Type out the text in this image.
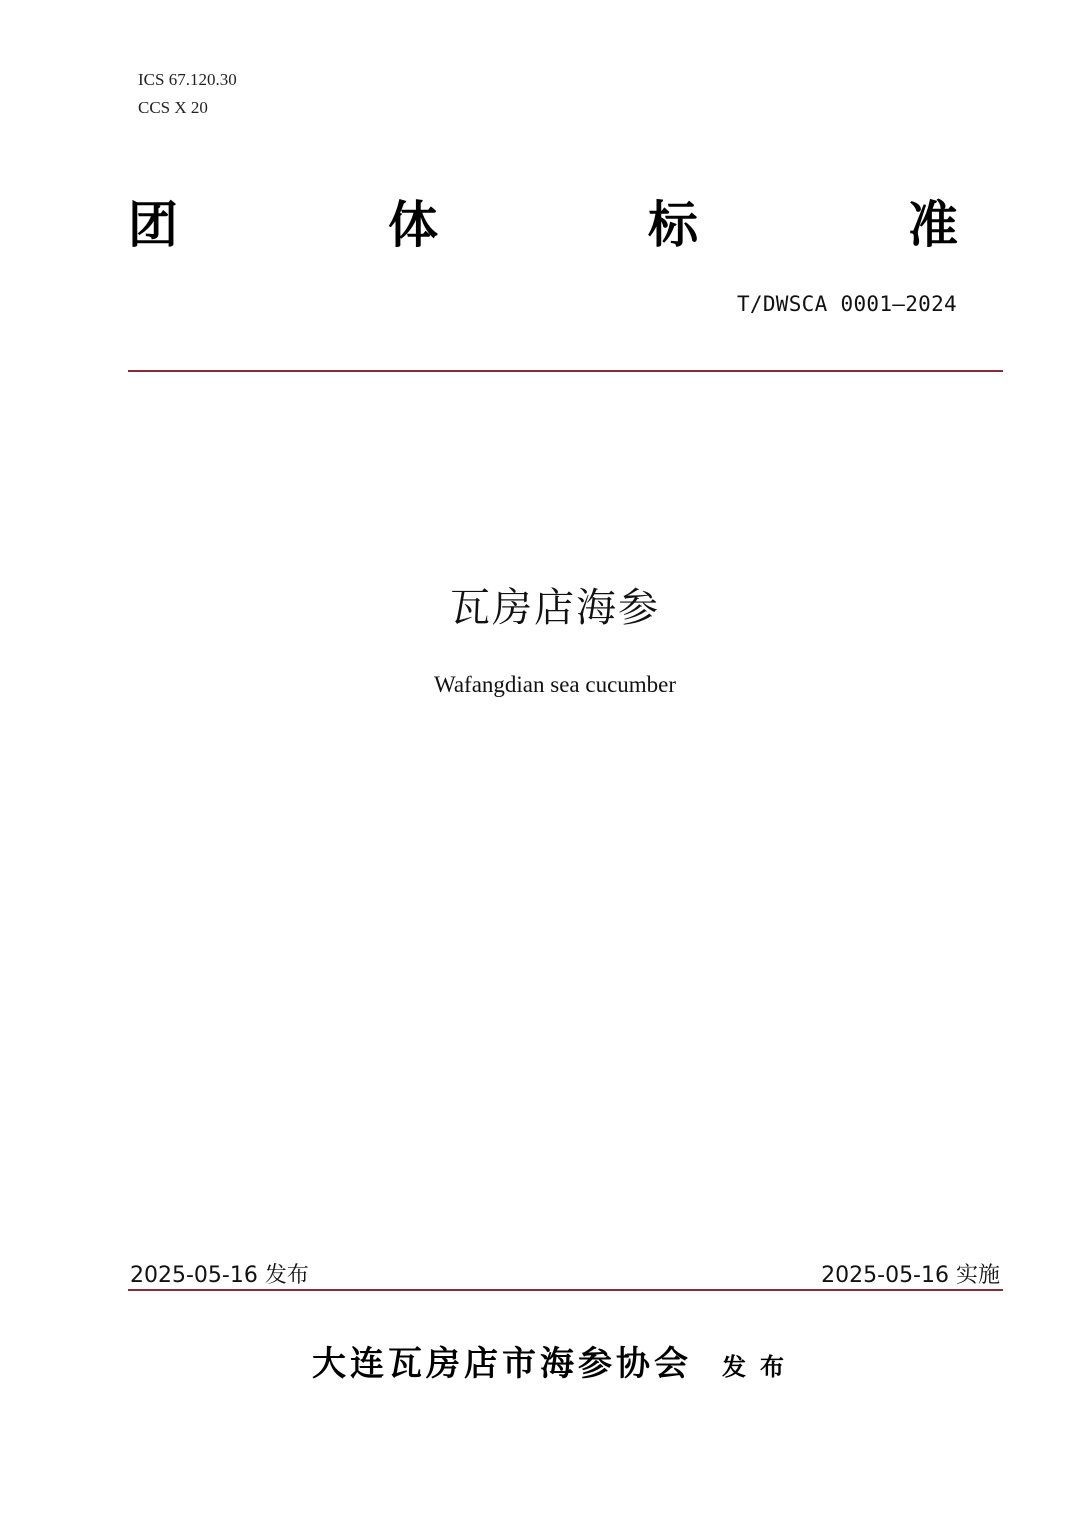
ICS 67.120.30
CCS X 20
团	体	标	准
T/DWSCA 0001—2024
瓦房店海参
Wafangdian sea cucumber
2025-05-16 发布	2025-05-16 实施
大连瓦房店市海参协会 发布
